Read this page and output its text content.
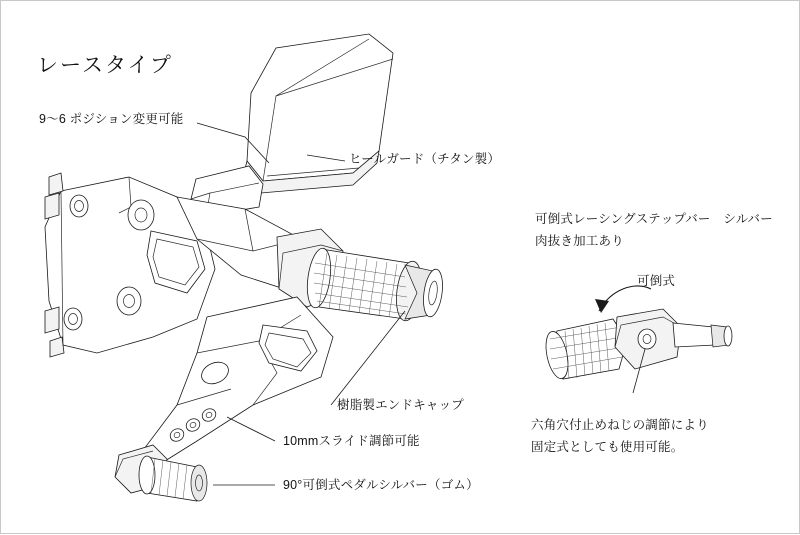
レースタイプ
9〜6 ポジション変更可能
ヒールガード（チタン製）
樹脂製エンドキャップ
10mmスライド調節可能
90°可倒式ペダルシルバー（ゴム）
可倒式レーシングステップバー　シルバー
肉抜き加工あり
可倒式
六角穴付止めねじの調節により
固定式としても使用可能。
